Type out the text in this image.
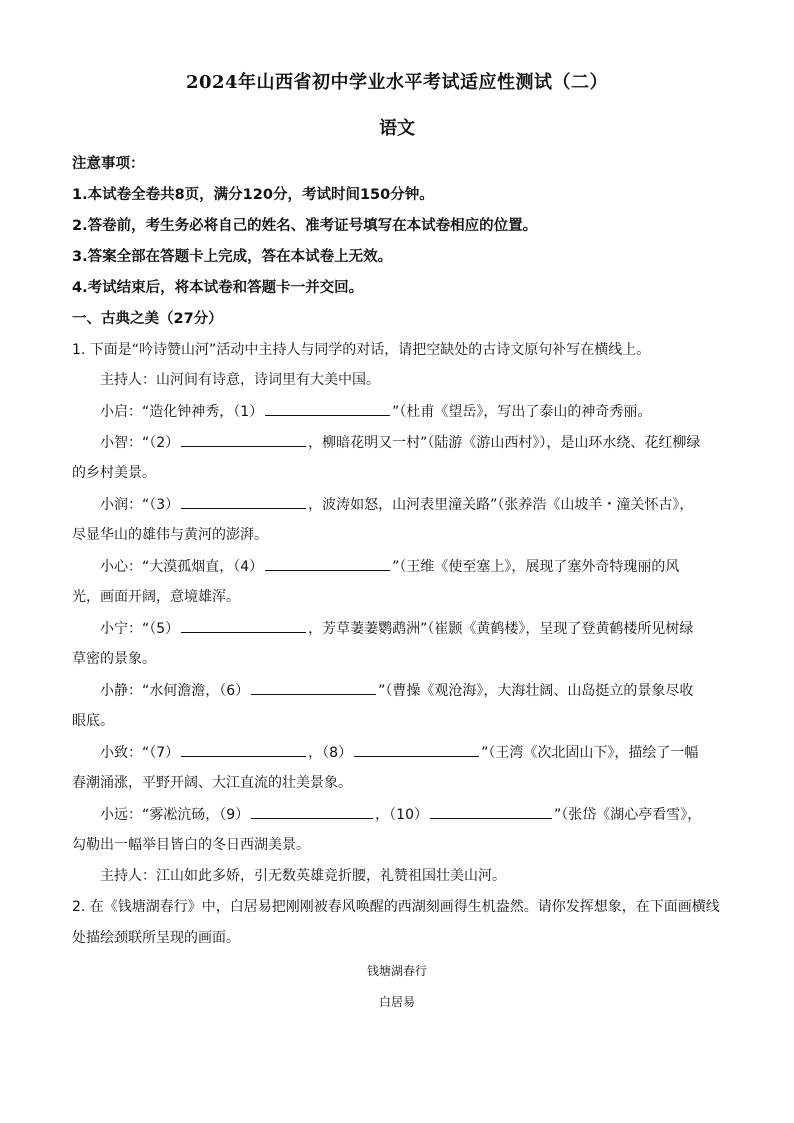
2024年山西省初中学业水平考试适应性测试（二）
语文
注意事项：
1.本试卷全卷共8页，满分120分，考试时间150分钟。
2.答卷前，考生务必将自己的姓名、准考证号填写在本试卷相应的位置。
3.答案全部在答题卡上完成，答在本试卷上无效。
4.考试结束后，将本试卷和答题卡一并交回。
一、古典之美（27分）
1. 下面是“吟诗赞山河”活动中主持人与同学的对话，请把空缺处的古诗文原句补写在横线上。
主持人：山河间有诗意，诗词里有大美中国。
小启：“造化钟神秀，（1）	”（杜甫《望岳》，写出了泰山的神奇秀丽。
小智：“（2）	，柳暗花明又一村”（陆游《游山西村》），是山环水绕、花红柳绿
的乡村美景。
小润：“（3）	，波涛如怒，山河表里潼关路”（张养浩《山坡羊・潼关怀古》，
尽显华山的雄伟与黄河的澎湃。
小心：“大漠孤烟直，（4）	”（王维《使至塞上》，展现了塞外奇特瑰丽的风
光，画面开阔，意境雄浑。
小宁：“（5）	，芳草萋萋鹦鹉洲”（崔颢《黄鹤楼》，呈现了登黄鹤楼所见树绿
草密的景象。
小静：“水何澹澹，（6）	”（曹操《观沧海》，大海壮阔、山岛挺立的景象尽收
眼底。
小致：“（7）	，（8）	”（王湾《次北固山下》，描绘了一幅
春潮涌涨，平野开阔、大江直流的壮美景象。
小远：“雾凇沆砀，（9）	，（10）	”（张岱《湖心亭看雪》，
勾勒出一幅举目皆白的冬日西湖美景。
主持人：江山如此多娇，引无数英雄竞折腰，礼赞祖国壮美山河。
2. 在《钱塘湖春行》中，白居易把刚刚被春风唤醒的西湖刻画得生机盎然。请你发挥想象，在下面画横线
处描绘颈联所呈现的画面。
钱塘湖春行
白居易
